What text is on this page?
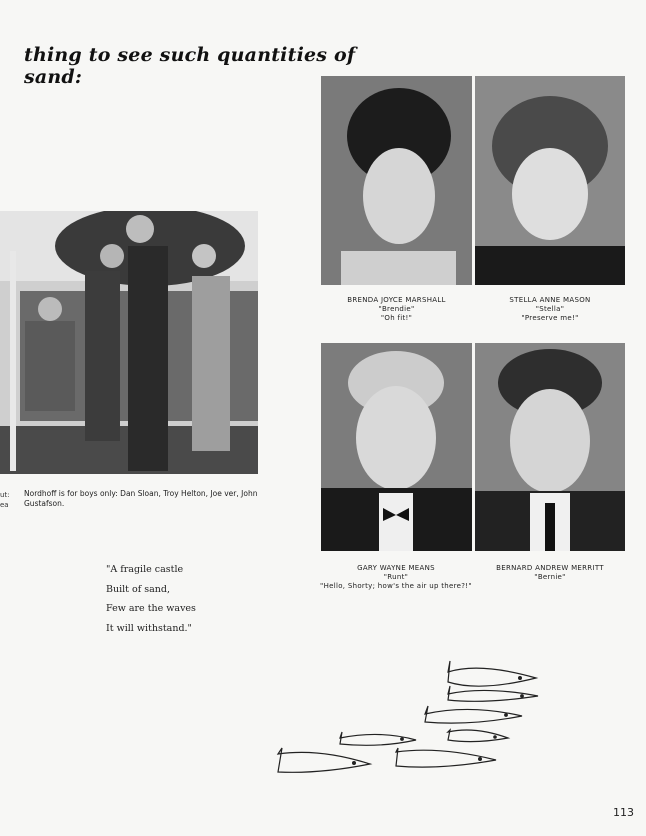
thing to see such quantities of sand:
ut:
ea
Nordhoff is for boys only: Dan Sloan, Troy Helton, Joe ver, John Gustafson.
BRENDA JOYCE MARSHALL
"Brendie"
"Oh fit!"
STELLA ANNE MASON
"Stella"
"Preserve me!"
GARY WAYNE MEANS
"Runt"
"Hello, Shorty; how's the air up there?!"
BERNARD ANDREW MERRITT
"Bernie"
"A fragile castle
Built of sand,
Few are the waves
It will withstand."
113
